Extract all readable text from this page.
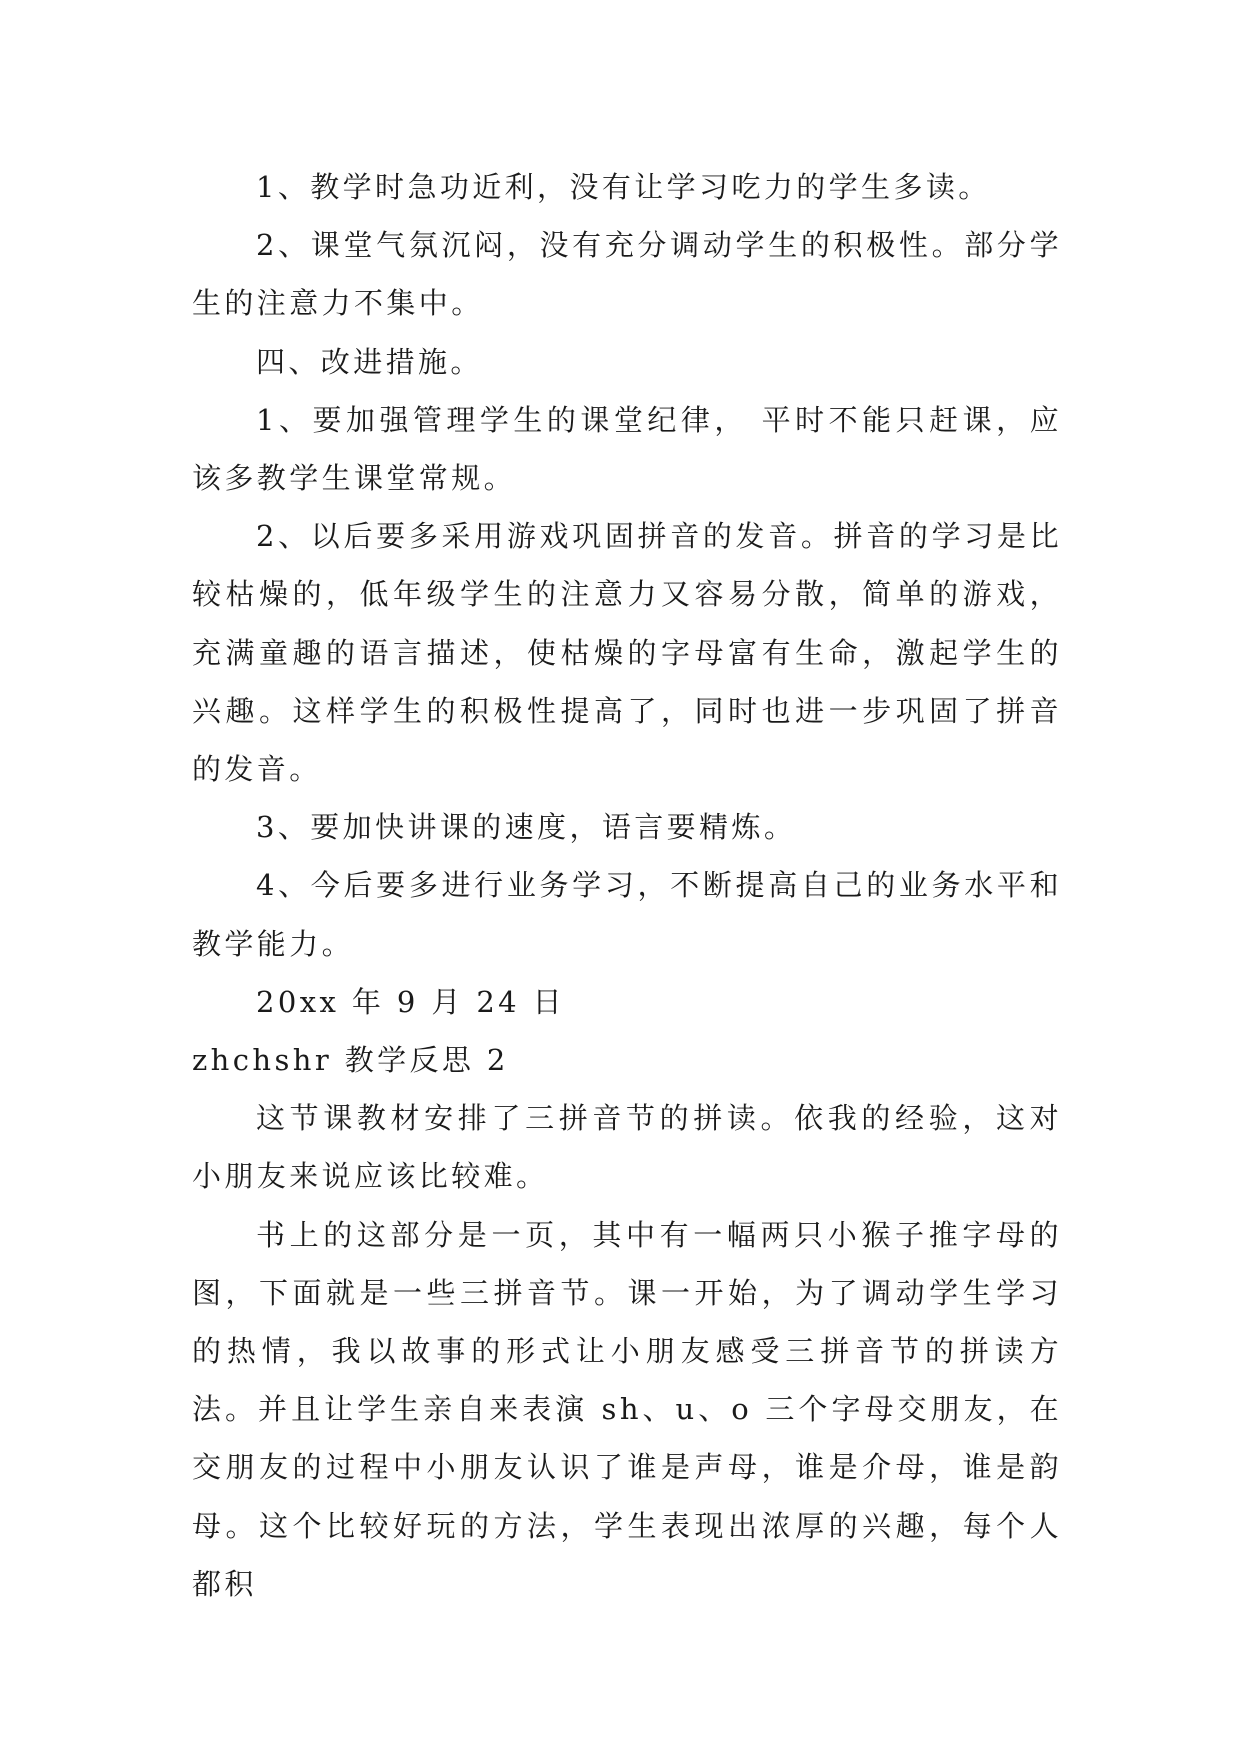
1、教学时急功近利，没有让学习吃力的学生多读。

2、课堂气氛沉闷，没有充分调动学生的积极性。部分学生的注意力不集中。

四、改进措施。

1、要加强管理学生的课堂纪律， 平时不能只赶课，应该多教学生课堂常规。

2、以后要多采用游戏巩固拼音的发音。拼音的学习是比较枯燥的，低年级学生的注意力又容易分散，简单的游戏，充满童趣的语言描述，使枯燥的字母富有生命，激起学生的兴趣。这样学生的积极性提高了，同时也进一步巩固了拼音的发音。

3、要加快讲课的速度，语言要精炼。

4、今后要多进行业务学习，不断提高自己的业务水平和教学能力。

20xx 年 9 月 24 日

zhchshr 教学反思 2

这节课教材安排了三拼音节的拼读。依我的经验，这对小朋友来说应该比较难。

书上的这部分是一页，其中有一幅两只小猴子推字母的图，下面就是一些三拼音节。课一开始，为了调动学生学习的热情，我以故事的形式让小朋友感受三拼音节的拼读方法。并且让学生亲自来表演 sh、u、o 三个字母交朋友，在交朋友的过程中小朋友认识了谁是声母，谁是介母，谁是韵母。这个比较好玩的方法，学生表现出浓厚的兴趣，每个人都积
